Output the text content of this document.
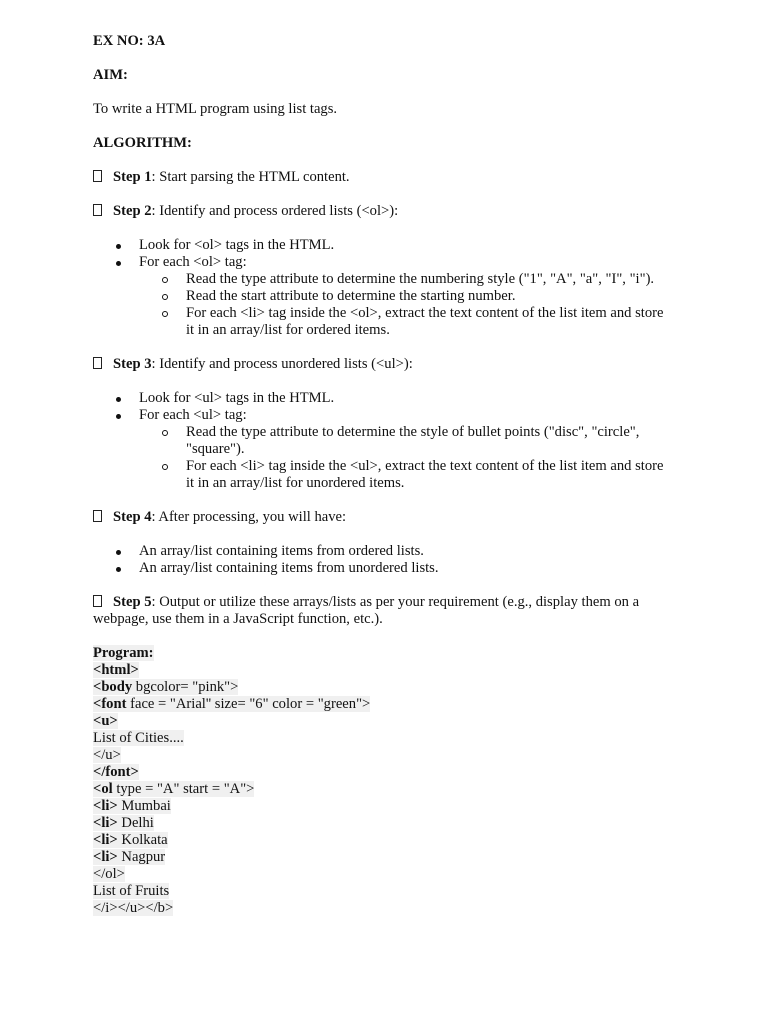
EX NO: 3A

AIM:

To write a HTML program using list tags.

ALGORITHM:

Step 1: Start parsing the HTML content.

Step 2: Identify and process ordered lists (<ol>):

Look for <ol> tags in the HTML.
For each <ol> tag:
Read the type attribute to determine the numbering style ("1", "A", "a", "I", "i").
Read the start attribute to determine the starting number.
For each <li> tag inside the <ol>, extract the text content of the list item and store it in an array/list for ordered items.

Step 3: Identify and process unordered lists (<ul>):

Look for <ul> tags in the HTML.
For each <ul> tag:
Read the type attribute to determine the style of bullet points ("disc", "circle", "square").
For each <li> tag inside the <ul>, extract the text content of the list item and store it in an array/list for unordered items.

Step 4: After processing, you will have:

An array/list containing items from ordered lists.
An array/list containing items from unordered lists.

Step 5: Output or utilize these arrays/lists as per your requirement (e.g., display them on a webpage, use them in a JavaScript function, etc.).

Program:
<html>
<body bgcolor= "pink">
<font face = "Arial'' size= "6" color = "green">
<u>
List of Cities....
</u>
</font>
<ol type = "A" start = "A">
<li> Mumbai
<li> Delhi
<li> Kolkata
<li> Nagpur
</ol>
List of Fruits
</i></u></b>
